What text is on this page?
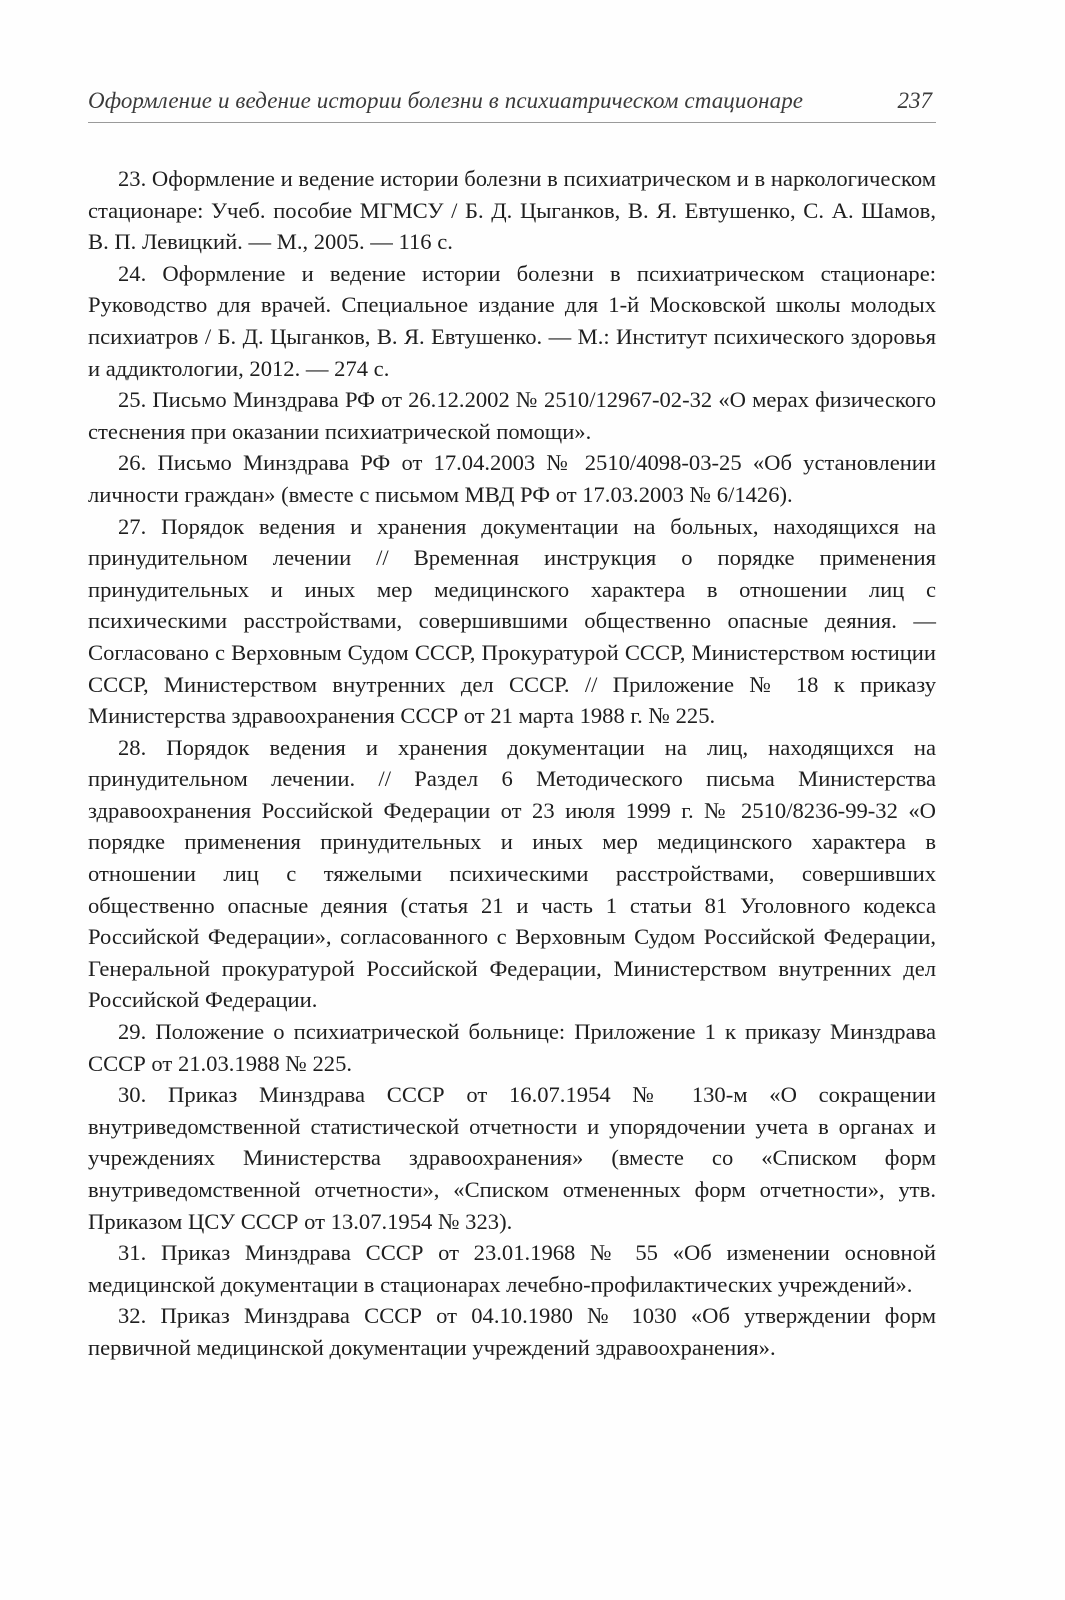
Оформление и ведение истории болезни в психиатрическом стационаре	237
23. Оформление и ведение истории болезни в психиатрическом и в наркологическом стационаре: Учеб. пособие МГМСУ / Б. Д. Цыганков, В. Я. Евтушенко, С. А. Шамов, В. П. Левицкий. — М., 2005. — 116 с.
24. Оформление и ведение истории болезни в психиатрическом стационаре: Руководство для врачей. Специальное издание для 1-й Московской школы молодых психиатров / Б. Д. Цыганков, В. Я. Евтушенко. — М.: Институт психического здоровья и аддиктологии, 2012. — 274 с.
25. Письмо Минздрава РФ от 26.12.2002 № 2510/12967-02-32 «О мерах физического стеснения при оказании психиатрической помощи».
26. Письмо Минздрава РФ от 17.04.2003 № 2510/4098-03-25 «Об установлении личности граждан» (вместе с письмом МВД РФ от 17.03.2003 № 6/1426).
27. Порядок ведения и хранения документации на больных, находящихся на принудительном лечении // Временная инструкция о порядке применения принудительных и иных мер медицинского характера в отношении лиц с психическими расстройствами, совершившими общественно опасные деяния. — Согласовано с Верховным Судом СССР, Прокуратурой СССР, Министерством юстиции СССР, Министерством внутренних дел СССР. // Приложение № 18 к приказу Министерства здравоохранения СССР от 21 марта 1988 г. № 225.
28. Порядок ведения и хранения документации на лиц, находящихся на принудительном лечении. // Раздел 6 Методического письма Министерства здравоохранения Российской Федерации от 23 июля 1999 г. № 2510/8236-99-32 «О порядке применения принудительных и иных мер медицинского характера в отношении лиц с тяжелыми психическими расстройствами, совершивших общественно опасные деяния (статья 21 и часть 1 статьи 81 Уголовного кодекса Российской Федерации», согласованного с Верховным Судом Российской Федерации, Генеральной прокуратурой Российской Федерации, Министерством внутренних дел Российской Федерации.
29. Положение о психиатрической больнице: Приложение 1 к приказу Минздрава СССР от 21.03.1988 № 225.
30. Приказ Минздрава СССР от 16.07.1954 № 130-м «О сокращении внутриведомственной статистической отчетности и упорядочении учета в органах и учреждениях Министерства здравоохранения» (вместе со «Списком форм внутриведомственной отчетности», «Списком отмененных форм отчетности», утв. Приказом ЦСУ СССР от 13.07.1954 № 323).
31. Приказ Минздрава СССР от 23.01.1968 № 55 «Об изменении основной медицинской документации в стационарах лечебно-профилактических учреждений».
32. Приказ Минздрава СССР от 04.10.1980 № 1030 «Об утверждении форм первичной медицинской документации учреждений здравоохранения».
